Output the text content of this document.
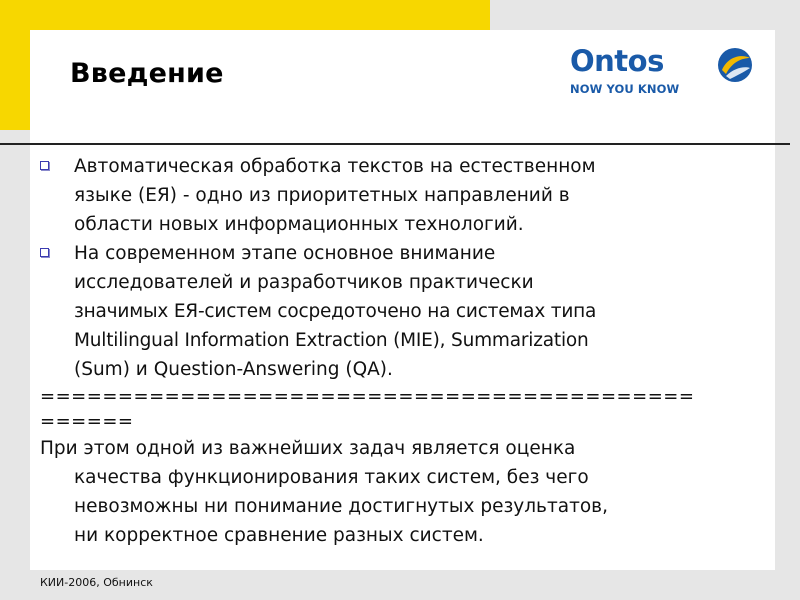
Введение	Ontos
NOW YOU KNOW
Автоматическая обработка текстов на естественном
языке (ЕЯ) - одно из приоритетных направлений в
области новых информационных технологий.
На современном этапе основное внимание
исследователей и разработчиков практически
значимых ЕЯ-систем сосредоточено на системах типа
Multilingual Information Extraction (MIE), Summarization
(Sum) и Question-Answering (QA).
==========================================
======
При этом одной из важнейших задач является оценка
качества функционирования таких систем, без чего
невозможны ни понимание достигнутых результатов,
ни корректное сравнение разных систем.
КИИ-2006, Обнинск
